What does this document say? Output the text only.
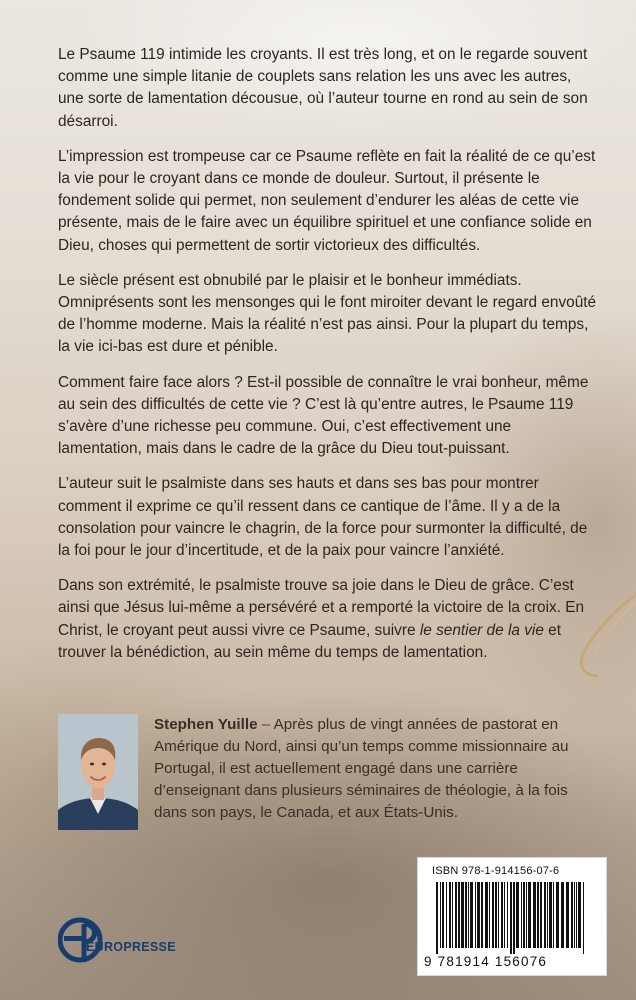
Le Psaume 119 intimide les croyants. Il est très long, et on le regarde souvent comme une simple litanie de couplets sans relation les uns avec les autres, une sorte de lamentation décousue, où l’auteur tourne en rond au sein de son désarroi.

L’impression est trompeuse car ce Psaume reflète en fait la réalité de ce qu’est la vie pour le croyant dans ce monde de douleur. Surtout, il présente le fondement solide qui permet, non seulement d’endurer les aléas de cette vie présente, mais de le faire avec un équilibre spirituel et une confiance solide en Dieu, choses qui permettent de sortir victorieux des difficultés.

Le siècle présent est obnubilé par le plaisir et le bonheur immédiats. Omniprésents sont les mensonges qui le font miroiter devant le regard envoûté de l’homme moderne. Mais la réalité n’est pas ainsi. Pour la plupart du temps, la vie ici-bas est dure et pénible.

Comment faire face alors ? Est-il possible de connaître le vrai bonheur, même au sein des difficultés de cette vie ? C’est là qu’entre autres, le Psaume 119 s’avère d’une richesse peu commune. Oui, c’est effectivement une lamentation, mais dans le cadre de la grâce du Dieu tout-puissant.

L’auteur suit le psalmiste dans ses hauts et dans ses bas pour montrer comment il exprime ce qu’il ressent dans ce cantique de l’âme. Il y a de la consolation pour vaincre le chagrin, de la force pour surmonter la difficulté, de la foi pour le jour d’incertitude, et de la paix pour vaincre l’anxiété.

Dans son extrémité, le psalmiste trouve sa joie dans le Dieu de grâce. C’est ainsi que Jésus lui-même a persévéré et a remporté la victoire de la croix. En Christ, le croyant peut aussi vivre ce Psaume, suivre le sentier de la vie et trouver la bénédiction, au sein même du temps de lamentation.

Stephen Yuille – Après plus de vingt années de pastorat en Amérique du Nord, ainsi qu’un temps comme missionnaire au Portugal, il est actuellement engagé dans une carrière d’enseignant dans plusieurs séminaires de théologie, à la fois dans son pays, le Canada, et aux États-Unis.
ISBN 978-1-914156-07-6
9 781914 156076
EUROPRESSE
